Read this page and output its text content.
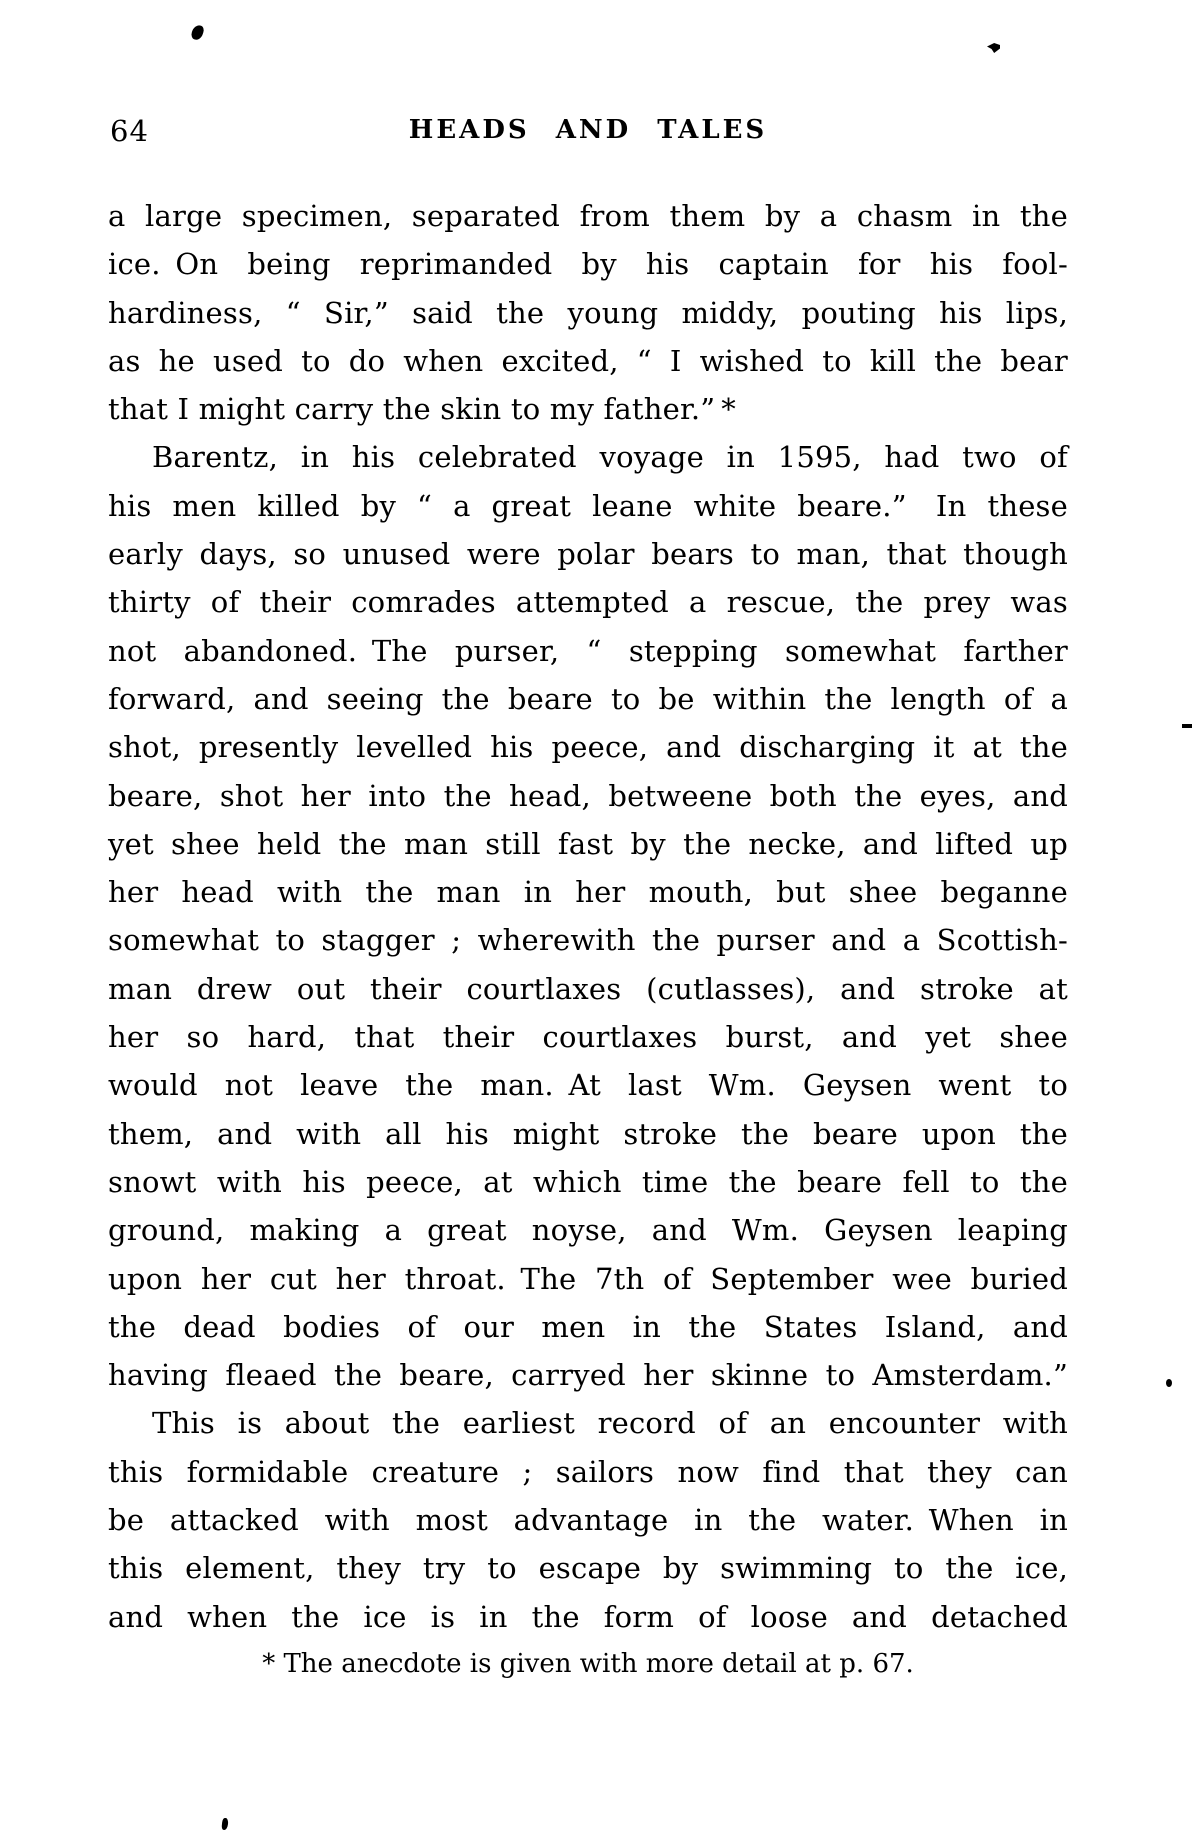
64	HEADS AND TALES
a large specimen, separated from them by a chasm in the
ice. On being reprimanded by his captain for his fool-
hardiness, “ Sir,” said the young middy, pouting his lips,
as he used to do when excited, “ I wished to kill the bear
that I might carry the skin to my father.” *
Barentz, in his celebrated voyage in 1595, had two of
his men killed by “ a great leane white beare.” In these
early days, so unused were polar bears to man, that though
thirty of their comrades attempted a rescue, the prey was
not abandoned. The purser, “ stepping somewhat farther
forward, and seeing the beare to be within the length of a
shot, presently levelled his peece, and discharging it at the
beare, shot her into the head, betweene both the eyes, and
yet shee held the man still fast by the necke, and lifted up
her head with the man in her mouth, but shee beganne
somewhat to stagger ; wherewith the purser and a Scottish-
man drew out their courtlaxes (cutlasses), and stroke at
her so hard, that their courtlaxes burst, and yet shee
would not leave the man. At last Wm. Geysen went to
them, and with all his might stroke the beare upon the
snowt with his peece, at which time the beare fell to the
ground, making a great noyse, and Wm. Geysen leaping
upon her cut her throat. The 7th of September wee buried
the dead bodies of our men in the States Island, and
having fleaed the beare, carryed her skinne to Amsterdam.”
This is about the earliest record of an encounter with
this formidable creature ; sailors now find that they can
be attacked with most advantage in the water. When in
this element, they try to escape by swimming to the ice,
and when the ice is in the form of loose and detached
* The anecdote is given with more detail at p. 67.
